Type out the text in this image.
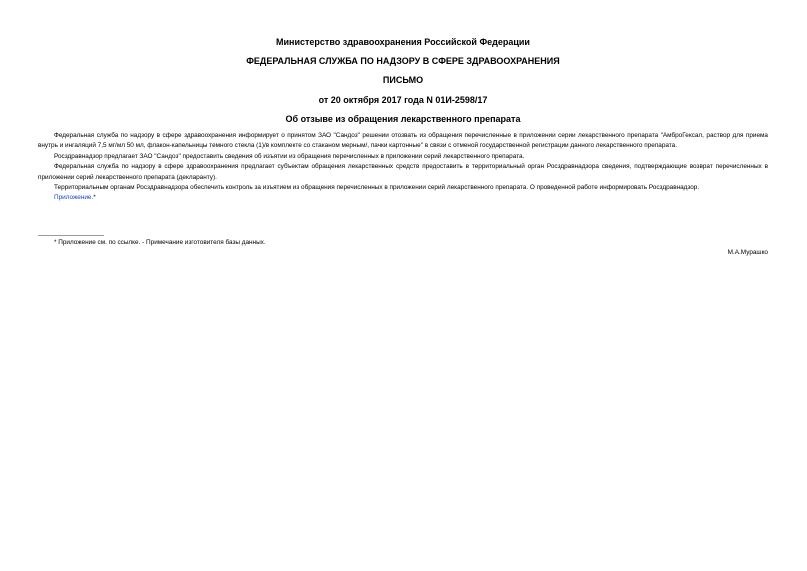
Министерство здравоохранения Российской Федерации
ФЕДЕРАЛЬНАЯ СЛУЖБА ПО НАДЗОРУ В СФЕРЕ ЗДРАВООХРАНЕНИЯ
ПИСЬМО
от 20 октября 2017 года N 01И-2598/17
Об отзыве из обращения лекарственного препарата

Федеральная служба по надзору в сфере здравоохранения информирует о принятом ЗАО "Сандоз" решении отозвать из обращения перечисленные в приложении серии лекарственного препарата "АмброГексал, раствор для приема внутрь и ингаляций 7,5 мг/мл 50 мл, флакон-капельницы темного стекла (1)/в комплекте со стаканом мерным/, пачки картонные" в связи с отменой государственной регистрации данного лекарственного препарата.

Росздравнадзор предлагает ЗАО "Сандоз" предоставить сведения об изъятии из обращения перечисленных в приложении серий лекарственного препарата.

Федеральная служба по надзору в сфере здравоохранения предлагает субъектам обращения лекарственных средств предоставить в территориальный орган Росздравнадзора сведения, подтверждающие возврат перечисленных в приложении серий лекарственного препарата (декларанту).

Территориальным органам Росздравнадзора обеспечить контроль за изъятием из обращения перечисленных в приложении серий лекарственного препарата. О проведенной работе информировать Росздравнадзор.

Приложение.*

* Приложение см. по ссылке. - Примечание изготовителя базы данных.
М.А.Мурашко
